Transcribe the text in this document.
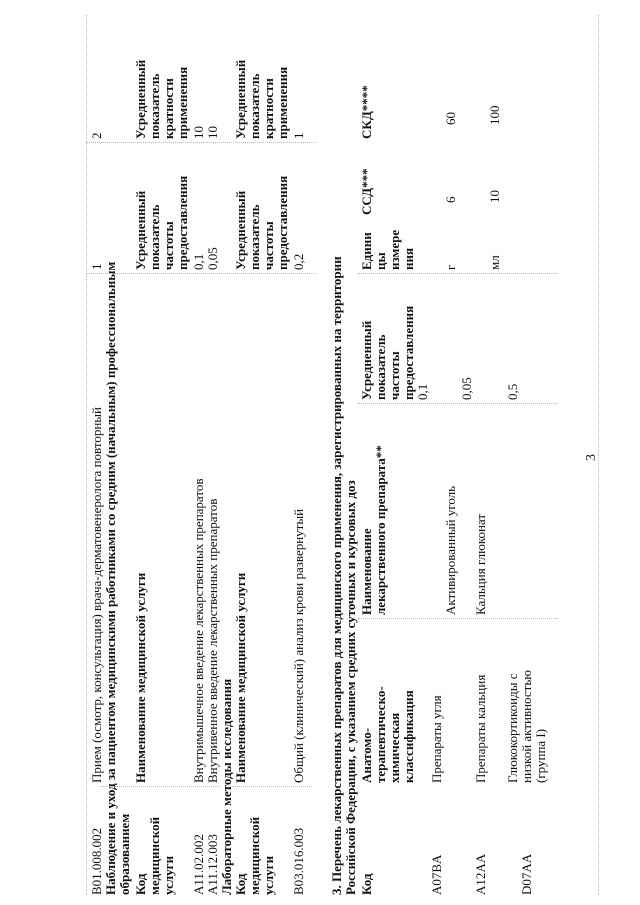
3
B01.008.002
Прием (осмотр, консультация) врача-дерматовенеролога повторный
1
2
Наблюдение и уход за пациентом медицинскими работниками со средним (начальным) профессиональным образованием Код медицинской услуги
Наименование медицинской услуги
Усредненный показатель частоты предоставления
Усредненный показатель кратности применения
A11.02.002
Внутримышечное введение лекарственных препаратов
0,1
10
A11.12.003
Внутривенное введение лекарственных препаратов
0,05
10
Лабораторные методы исследования Код медицинской услуги
Наименование медицинской услуги
Усредненный показатель частоты предоставления
Усредненный показатель кратности применения
B03.016.003
Общий (клинический) анализ крови развернутый
0,2
1
3. Перечень лекарственных препаратов для медицинского применения, зарегистрированных на территории Российской Федерации, с указанием средних суточных и курсовых доз Код
Анатомо- терапевтическо- химическая классификация
Наименование лекарственного препарата**
Усредненный показатель частоты предоставления
Едини цы измере ния
ССД***
СКД****
0,1
A07BA
Препараты угля
Активированный уголь
г
6
60
0,05
A12AA
Препараты кальция
Кальция глюконат
мл
10
100
0,5
D07AA
Глюкокортикоиды с низкой активностью (группа I)
